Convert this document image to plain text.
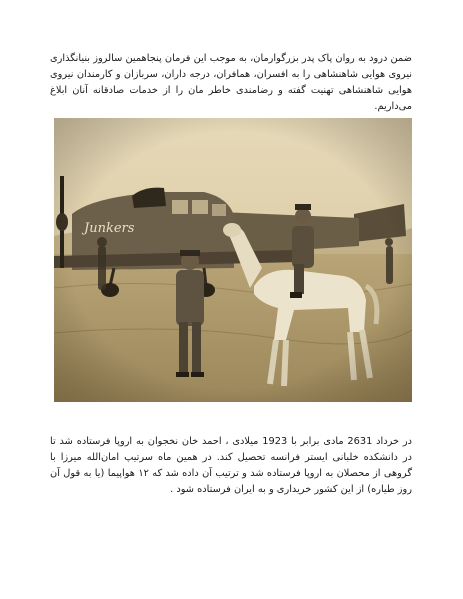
ضمن درود به روان پاک پدر بزرگوارمان، به موجب این فرمان پنجاهمین سالروز بنیانگذاری نیروی هوایی شاهنشاهی را به افسران، همافران، درجه داران، سربازان و کارمندان نیروی هوایی شاهنشاهی تهنیت گفته و رضامندی خاطر مان را از خدمات صادقانه آنان ابلاغ می‌داریم.

در خرداد 2631 مادی برابر با 1923 میلادی ، احمد خان نخجوان به اروپا فرستاده شد تا در دانشکده خلبانی ایستر فرانسه تحصیل کند. در همین ماه سرتیپ امان‌الله میرزا با گروهی از محصلان به اروپا فرستاده شد و ترتیب آن داده شد که ۱۲ هواپیما (یا به قول آن روز طیاره) از این کشور خریداری و به ایران فرستاده شود .
